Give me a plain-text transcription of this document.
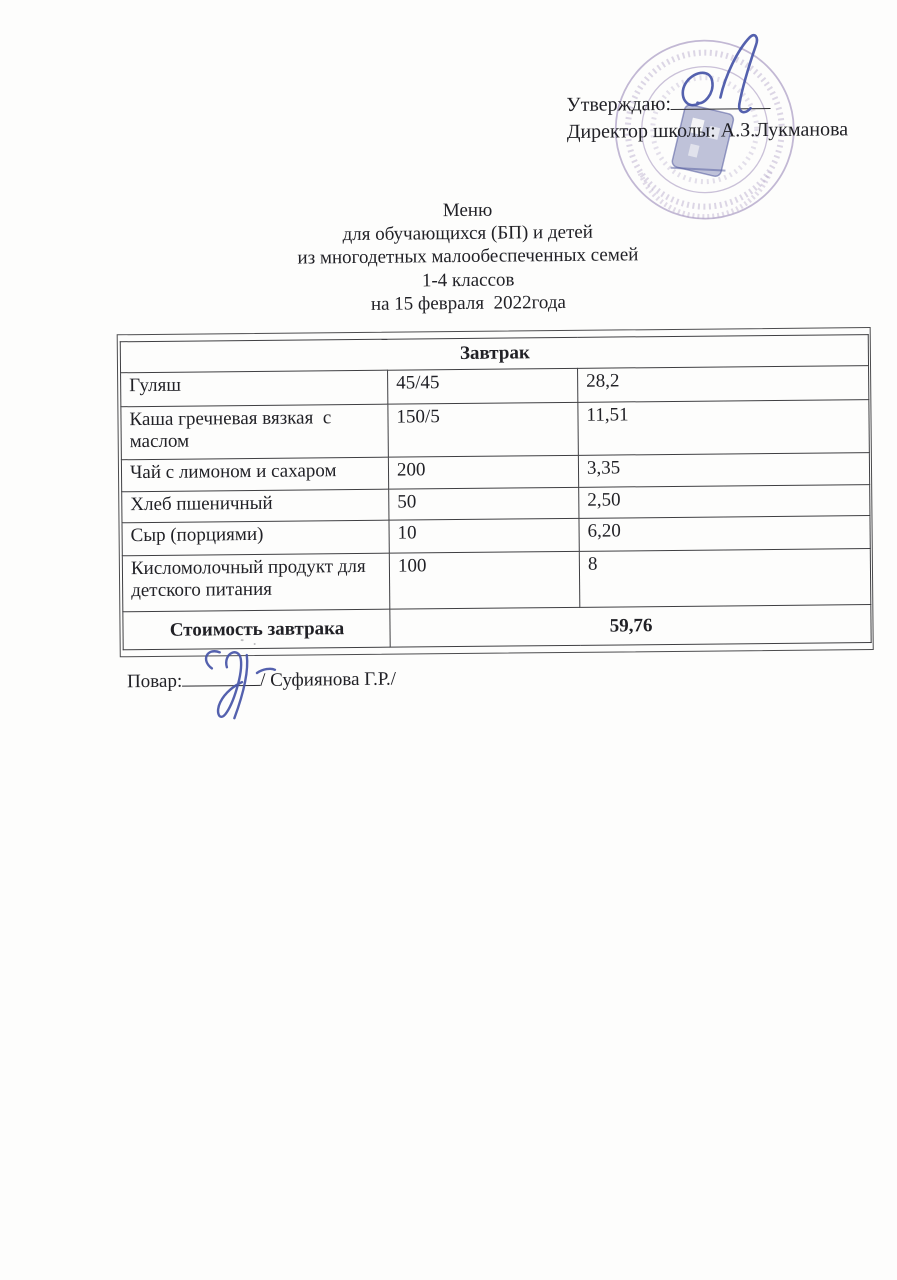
Утверждаю:
Директор школы: А.З.Лукманова
Меню
для обучающихся (БП) и детей
из многодетных малообеспеченных семей
1-4 классов
на 15 февраля  2022года
Завтрак		
Гуляш	45/45	28,2
Каша гречневая вязкая  с маслом	150/5	11,51
Чай с лимоном и сахаром	200	3,35
Хлеб пшеничный	50	2,50
Сыр (порциями)	10	6,20
Кисломолочный продукт для детского питания	100	8
Стоимость завтрака	59,76	
Повар:	/ Суфиянова Г.Р./
